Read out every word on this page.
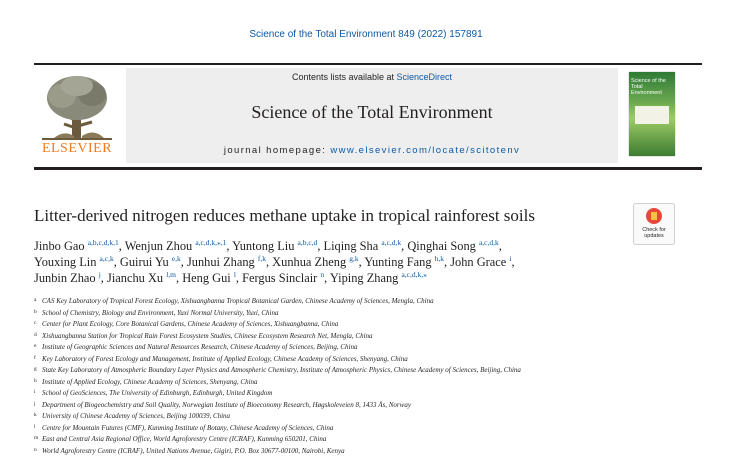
Science of the Total Environment 849 (2022) 157891
ELSEVIER
Contents lists available at ScienceDirect
Science of the Total Environment
journal homepage: www.elsevier.com/locate/scitotenv
Science of the Total Environment
Litter-derived nitrogen reduces methane uptake in tropical rainforest soils
Check for updates
Jinbo Gao $^{a,b,c,d,k,1}$, Wenjun Zhou $^{a,c,d,k,⁎,1}$, Yuntong Liu $^{a,b,c,d}$, Liqing Sha $^{a,c,d,k}$, Qinghai Song $^{a,c,d,k}$,
Youxing Lin $^{a,c,k}$, Guirui Yu $^{e,k}$, Junhui Zhang $^{f,k}$, Xunhua Zheng $^{g,k}$, Yunting Fang $^{h,k}$, John Grace $^i$,
Junbin Zhao $^j$, Jianchu Xu $^{l,m}$, Heng Gui $^l$, Fergus Sinclair $^n$, Yiping Zhang $^{a,c,d,k,⁎}$
a CAS Key Laboratory of Tropical Forest Ecology, Xishuangbanna Tropical Botanical Garden, Chinese Academy of Sciences, Mengla, China
b School of Chemistry, Biology and Environment, Yuxi Normal University, Yuxi, China
c Center for Plant Ecology, Core Botanical Gardens, Chinese Academy of Sciences, Xishuangbanna, China
d Xishuangbanna Station for Tropical Rain Forest Ecosystem Studies, Chinese Ecosystem Research Net, Mengla, China
e Institute of Geographic Sciences and Natural Resources Research, Chinese Academy of Sciences, Beijing, China
f Key Laboratory of Forest Ecology and Management, Institute of Applied Ecology, Chinese Academy of Sciences, Shenyang, China
g State Key Laboratory of Atmospheric Boundary Layer Physics and Atmospheric Chemistry, Institute of Atmospheric Physics, Chinese Academy of Sciences, Beijing, China
h Institute of Applied Ecology, Chinese Academy of Sciences, Shenyang, China
i School of GeoSciences, The University of Edinburgh, Edinburgh, United Kingdom
j Department of Biogeochemistry and Soil Quality, Norwegian Institute of Bioeconomy Research, Høgskoleveien 8, 1433 Ås, Norway
k University of Chinese Academy of Sciences, Beijing 100039, China
l Centre for Mountain Futures (CMF), Kunming Institute of Botany, Chinese Academy of Sciences, China
m East and Central Asia Regional Office, World Agroforestry Centre (ICRAF), Kunming 650201, China
n World Agroforestry Centre (ICRAF), United Nations Avenue, Gigiri, P.O. Box 30677-00100, Nairobi, Kenya
